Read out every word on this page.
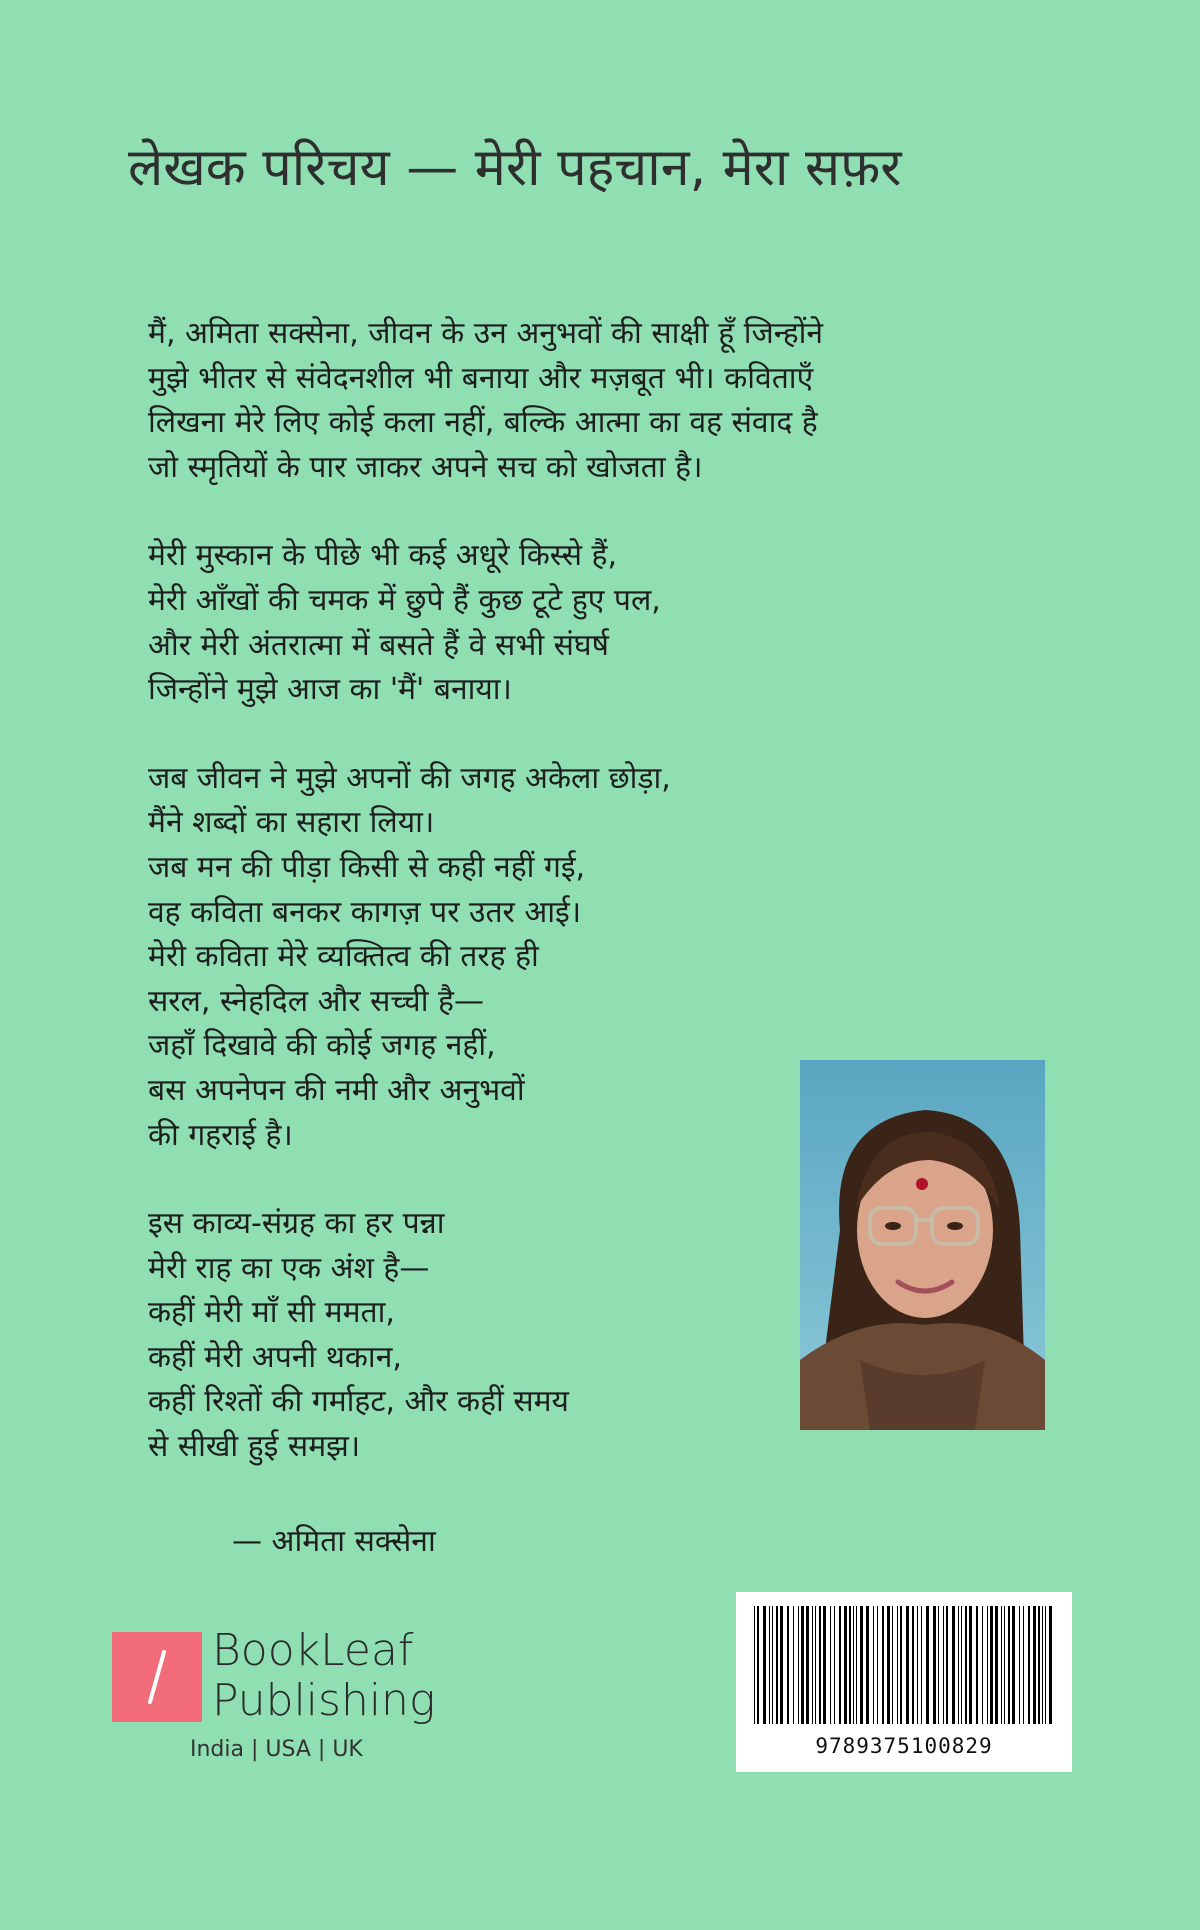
लेखक परिचय — मेरी पहचान, मेरा सफ़र
मैं, अमिता सक्सेना, जीवन के उन अनुभवों की साक्षी हूँ जिन्होंने
मुझे भीतर से संवेदनशील भी बनाया और मज़बूत भी। कविताएँ
लिखना मेरे लिए कोई कला नहीं, बल्कि आत्मा का वह संवाद है
जो स्मृतियों के पार जाकर अपने सच को खोजता है।
मेरी मुस्कान के पीछे भी कई अधूरे किस्से हैं,
मेरी आँखों की चमक में छुपे हैं कुछ टूटे हुए पल,
और मेरी अंतरात्मा में बसते हैं वे सभी संघर्ष
जिन्होंने मुझे आज का 'मैं' बनाया।
जब जीवन ने मुझे अपनों की जगह अकेला छोड़ा,
मैंने शब्दों का सहारा लिया।
जब मन की पीड़ा किसी से कही नहीं गई,
वह कविता बनकर कागज़ पर उतर आई।
मेरी कविता मेरे व्यक्तित्व की तरह ही
सरल, स्नेहदिल और सच्ची है—
जहाँ दिखावे की कोई जगह नहीं,
बस अपनेपन की नमी और अनुभवों
की गहराई है।
इस काव्य-संग्रह का हर पन्ना
मेरी राह का एक अंश है—
कहीं मेरी माँ सी ममता,
कहीं मेरी अपनी थकान,
कहीं रिश्तों की गर्माहट, और कहीं समय
से सीखी हुई समझ।
— अमिता सक्सेना
BookLeaf
Publishing
India | USA | UK	9789375100829
